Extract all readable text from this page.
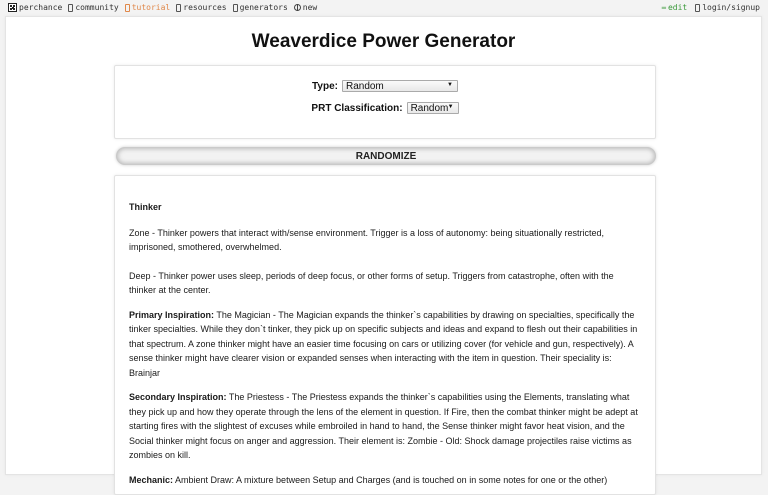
perchance community tutorial resources generators new	═ edit login/signup
Weaverdice Power Generator
Type: Random	▼
PRT Classification: Random ▼
RANDOMIZE

Thinker

Zone - Thinker powers that interact with/sense environment. Trigger is a loss of autonomy: being situationally restricted, imprisoned, smothered, overwhelmed.

Deep - Thinker power uses sleep, periods of deep focus, or other forms of setup. Triggers from catastrophe, often with the thinker at the center.

Primary Inspiration: The Magician - The Magician expands the thinker`s capabilities by drawing on specialties, specifically the tinker specialties. While they don`t tinker, they pick up on specific subjects and ideas and expand to flesh out their capabilities in that spectrum. A zone thinker might have an easier time focusing on cars or utilizing cover (for vehicle and gun, respectively). A sense thinker might have clearer vision or expanded senses when interacting with the item in question. Their speciality is: Brainjar

Secondary Inspiration: The Priestess - The Priestess expands the thinker`s capabilities using the Elements, translating what they pick up and how they operate through the lens of the element in question. If Fire, then the combat thinker might be adept at starting fires with the slightest of excuses while embroiled in hand to hand, the Sense thinker might favor heat vision, and the Social thinker might focus on anger and aggression. Their element is: Zombie - Old: Shock damage projectiles raise victims as zombies on kill.

Mechanic: Ambient Draw: A mixture between Setup and Charges (and is touched on in some notes for one or the other)
